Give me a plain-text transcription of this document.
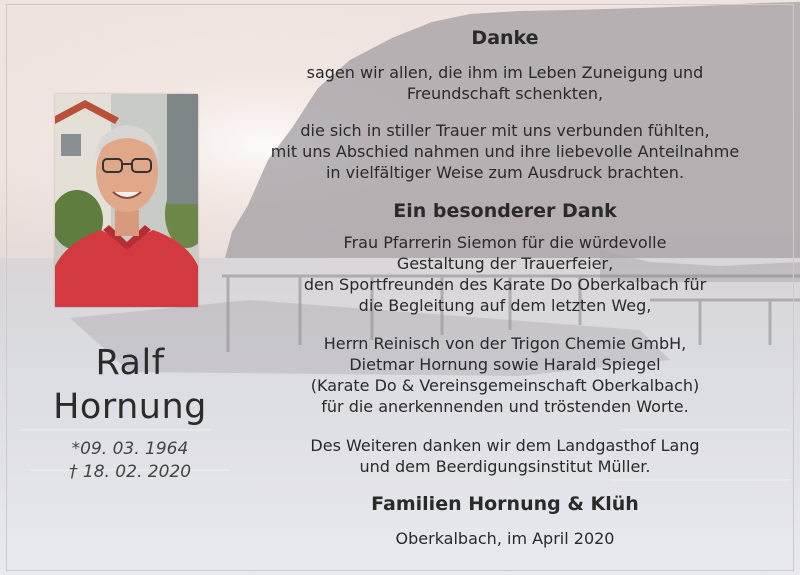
Ralf
Hornung
*09. 03. 1964
† 18. 02. 2020
Danke
sagen wir allen, die ihm im Leben Zuneigung und
Freundschaft schenkten,
die sich in stiller Trauer mit uns verbunden fühlten,
mit uns Abschied nahmen und ihre liebevolle Anteilnahme
in vielfältiger Weise zum Ausdruck brachten.
Ein besonderer Dank
Frau Pfarrerin Siemon für die würdevolle
Gestaltung der Trauerfeier,
den Sportfreunden des Karate Do Oberkalbach für
die Begleitung auf dem letzten Weg,
Herrn Reinisch von der Trigon Chemie GmbH,
Dietmar Hornung sowie Harald Spiegel
(Karate Do & Vereinsgemeinschaft Oberkalbach)
für die anerkennenden und tröstenden Worte.
Des Weiteren danken wir dem Landgasthof Lang
und dem Beerdigungsinstitut Müller.
Familien Hornung & Klüh
Oberkalbach, im April 2020
